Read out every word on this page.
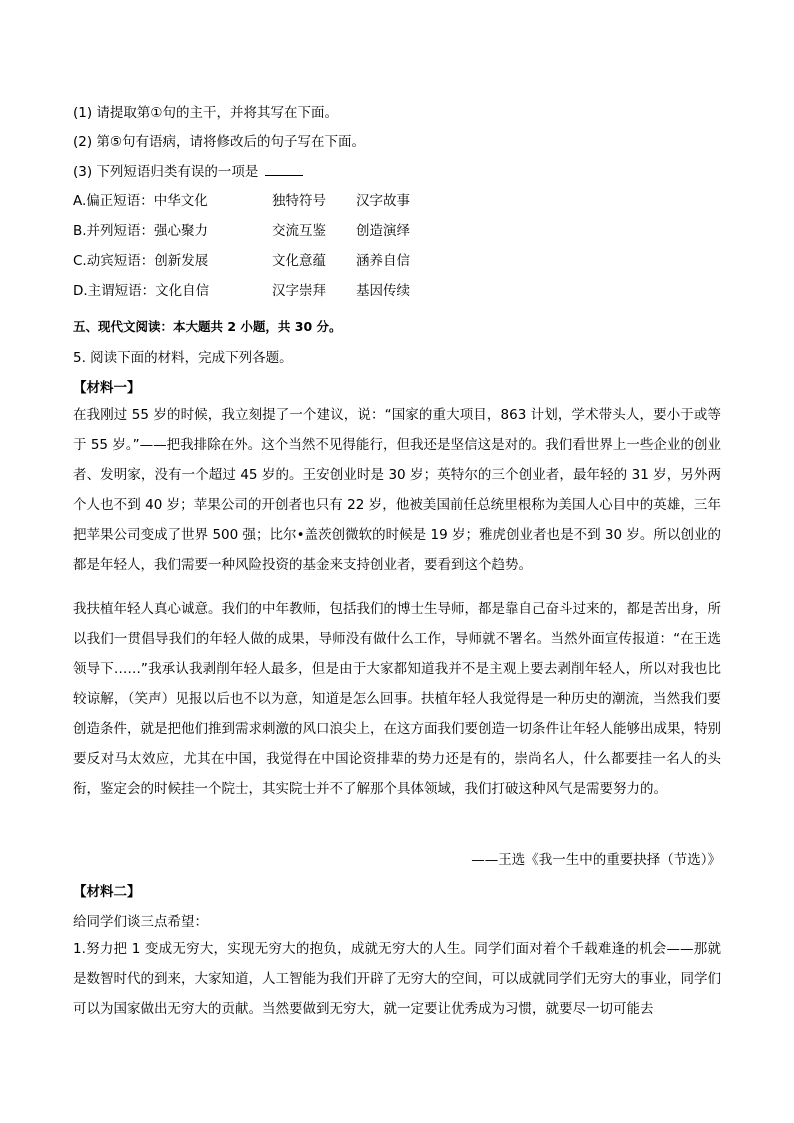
(1) 请提取第①句的主干，并将其写在下面。
(2) 第⑤句有语病，请将修改后的句子写在下面。
(3) 下列短语归类有误的一项是
A.偏正短语：中华文化	独特符号 汉字故事
B.并列短语：强心聚力	交流互鉴 创造演绎
C.动宾短语：创新发展	文化意蕴 涵养自信
D.主谓短语：文化自信	汉字崇拜 基因传续
五、现代文阅读：本大题共 2 小题，共 30 分。
5. 阅读下面的材料，完成下列各题。
【材料一】
在我刚过 55 岁的时候，我立刻提了一个建议，说：“国家的重大项目，863 计划，学术带头人，要小于或等于 55 岁。”——把我排除在外。这个当然不见得能行，但我还是坚信这是对的。我们看世界上一些企业的创业者、发明家，没有一个超过 45 岁的。王安创业时是 30 岁；英特尔的三个创业者，最年轻的 31 岁，另外两个人也不到 40 岁；苹果公司的开创者也只有 22 岁，他被美国前任总统里根称为美国人心目中的英雄，三年把苹果公司变成了世界 500 强；比尔•盖茨创微软的时候是 19 岁；雅虎创业者也是不到 30 岁。所以创业的都是年轻人，我们需要一种风险投资的基金来支持创业者，要看到这个趋势。
我扶植年轻人真心诚意。我们的中年教师，包括我们的博士生导师，都是靠自己奋斗过来的，都是苦出身，所以我们一贯倡导我们的年轻人做的成果，导师没有做什么工作，导师就不署名。当然外面宣传报道：“在王选领导下……”我承认我剥削年轻人最多，但是由于大家都知道我并不是主观上要去剥削年轻人，所以对我也比较谅解，（笑声）见报以后也不以为意，知道是怎么回事。扶植年轻人我觉得是一种历史的潮流，当然我们要创造条件，就是把他们推到需求刺激的风口浪尖上，在这方面我们要创造一切条件让年轻人能够出成果，特别要反对马太效应，尤其在中国，我觉得在中国论资排辈的势力还是有的，崇尚名人，什么都要挂一名人的头衔，鉴定会的时候挂一个院士，其实院士并不了解那个具体领域，我们打破这种风气是需要努力的。
——王选《我一生中的重要抉择（节选）》
【材料二】
给同学们谈三点希望：
1.努力把 1 变成无穷大，实现无穷大的抱负，成就无穷大的人生。同学们面对着个千载难逢的机会——那就是数智时代的到来，大家知道，人工智能为我们开辟了无穷大的空间，可以成就同学们无穷大的事业，同学们可以为国家做出无穷大的贡献。当然要做到无穷大，就一定要让优秀成为习惯，就要尽一切可能去
